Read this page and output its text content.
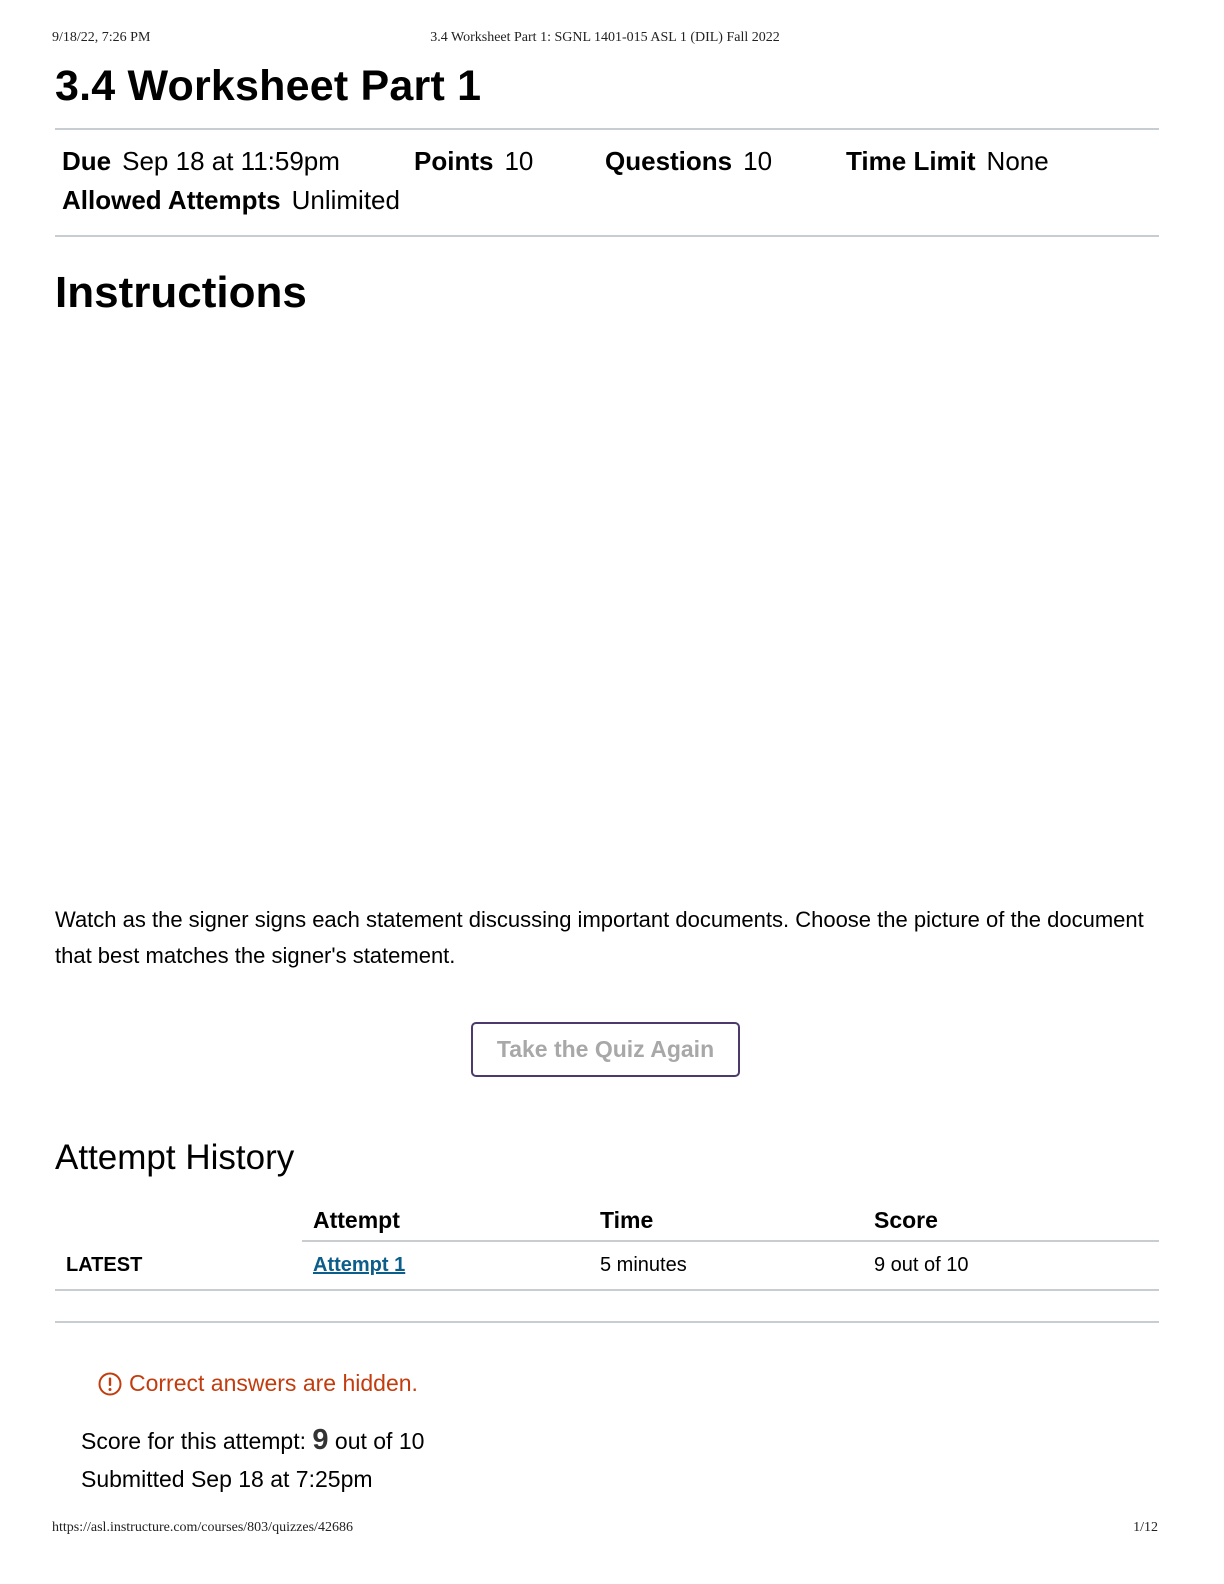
9/18/22, 7:26 PM	3.4 Worksheet Part 1: SGNL 1401-015 ASL 1 (DIL) Fall 2022
3.4 Worksheet Part 1
Due Sep 18 at 11:59pm	Points 10	Questions 10	Time Limit None
Allowed Attempts Unlimited
Instructions

Watch as the signer signs each statement discussing important documents. Choose the picture of the document that best matches the signer's statement.

Take the Quiz Again
Attempt History
	Attempt	Time	Score
LATEST	Attempt 1	5 minutes	9 out of 10
Correct answers are hidden.
Score for this attempt: 9 out of 10
Submitted Sep 18 at 7:25pm
https://asl.instructure.com/courses/803/quizzes/42686	1/12
